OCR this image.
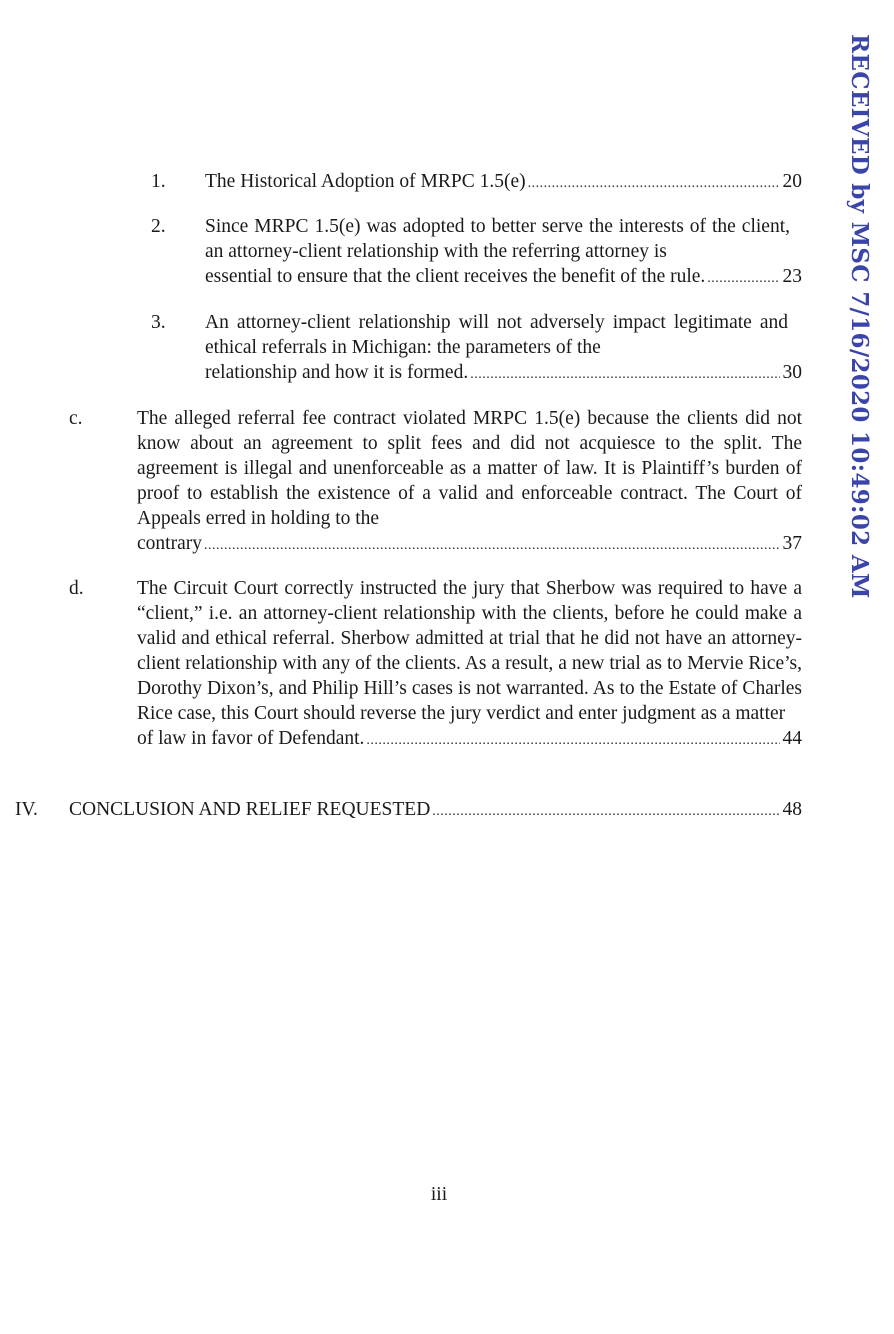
1. The Historical Adoption of MRPC 1.5(e) .....	20
2. Since MRPC 1.5(e) was adopted to better serve the interests of the client, an attorney-client relationship with the referring attorney is
essential to ensure that the client receives the benefit of the rule. .....	23
3. An attorney-client relationship will not adversely impact legitimate and ethical referrals in Michigan: the parameters of the
relationship and how it is formed. .....	30
c.	The alleged referral fee contract violated MRPC 1.5(e) because the clients did not know about an agreement to split fees and did not acquiesce to the split. The agreement is illegal and unenforceable as a matter of law. It is Plaintiff’s burden of proof to establish the existence of a valid and enforceable contract. The Court of Appeals erred in holding to the
contrary .....	37
d.	The Circuit Court correctly instructed the jury that Sherbow was required to have a “client,” i.e. an attorney-client relationship with the clients, before he could make a valid and ethical referral. Sherbow admitted at trial that he did not have an attorney-client relationship with any of the clients. As a result, a new trial as to Mervie Rice’s, Dorothy Dixon’s, and Philip Hill’s cases is not warranted. As to the Estate of Charles Rice case, this Court should reverse the jury verdict and enter judgment as a matter
of law in favor of Defendant. .....	44
IV. CONCLUSION AND RELIEF REQUESTED .....	48
iii
RECEIVED by MSC 7/16/2020 10:49:02 AM
